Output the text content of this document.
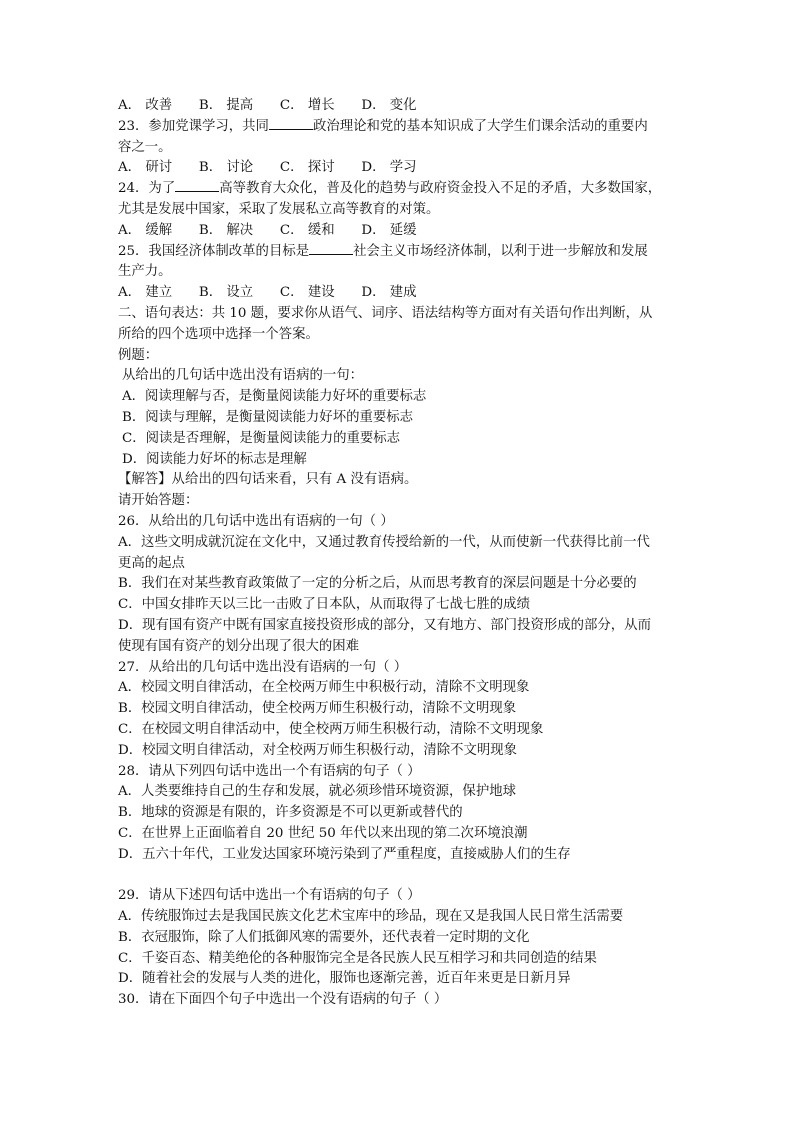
A． 改善　　B． 提高　　C． 增长　　D． 变化
23．参加党课学习，共同	政治理论和党的基本知识成了大学生们课余活动的重要内
容之一。
A． 研讨　　B． 讨论　　C． 探讨　　D． 学习
24．为了	高等教育大众化，普及化的趋势与政府资金投入不足的矛盾，大多数国家，
尤其是发展中国家，采取了发展私立高等教育的对策。
A． 缓解　　B． 解决　　C． 缓和　　D． 延缓
25．我国经济体制改革的目标是	社会主义市场经济体制，以利于进一步解放和发展
生产力。
A． 建立　　B． 设立　　C． 建设　　D． 建成
二、语句表达：共 10 题，要求你从语气、词序、语法结构等方面对有关语句作出判断，从
所给的四个选项中选择一个答案。
例题：
从给出的几句话中选出没有语病的一句：
A．阅读理解与否，是衡量阅读能力好坏的重要标志
B．阅读与理解，是衡量阅读能力好坏的重要标志
C．阅读是否理解，是衡量阅读能力的重要标志
D．阅读能力好坏的标志是理解
【解答】从给出的四句话来看，只有 A 没有语病。
请开始答题：
26．从给出的几句话中选出有语病的一句（ ）
A．这些文明成就沉淀在文化中，又通过教育传授给新的一代，从而使新一代获得比前一代
更高的起点
B．我们在对某些教育政策做了一定的分析之后，从而思考教育的深层问题是十分必要的
C．中国女排昨天以三比一击败了日本队，从而取得了七战七胜的成绩
D．现有国有资产中既有国家直接投资形成的部分，又有地方、部门投资形成的部分，从而
使现有国有资产的划分出现了很大的困难
27．从给出的几句话中选出没有语病的一句（ ）
A．校园文明自律活动，在全校两万师生中积极行动，清除不文明现象
B．校园文明自律活动，使全校两万师生积极行动，清除不文明现象
C．在校园文明自律活动中，使全校两万师生积极行动，清除不文明现象
D．校园文明自律活动，对全校两万师生积极行动，清除不文明现象
28．请从下列四句话中选出一个有语病的句子（ ）
A．人类要维持自己的生存和发展，就必须珍惜环境资源，保护地球
B．地球的资源是有限的，许多资源是不可以更新或替代的
C．在世界上正面临着自 20 世纪 50 年代以来出现的第二次环境浪潮
D．五六十年代，工业发达国家环境污染到了严重程度，直接威胁人们的生存
29．请从下述四句话中选出一个有语病的句子（ ）
A．传统服饰过去是我国民族文化艺术宝库中的珍品，现在又是我国人民日常生活需要
B．衣冠服饰，除了人们抵御风寒的需要外，还代表着一定时期的文化
C．千姿百态、精美绝伦的各种服饰完全是各民族人民互相学习和共同创造的结果
D．随着社会的发展与人类的进化，服饰也逐渐完善，近百年来更是日新月异
30．请在下面四个句子中选出一个没有语病的句子（ ）
